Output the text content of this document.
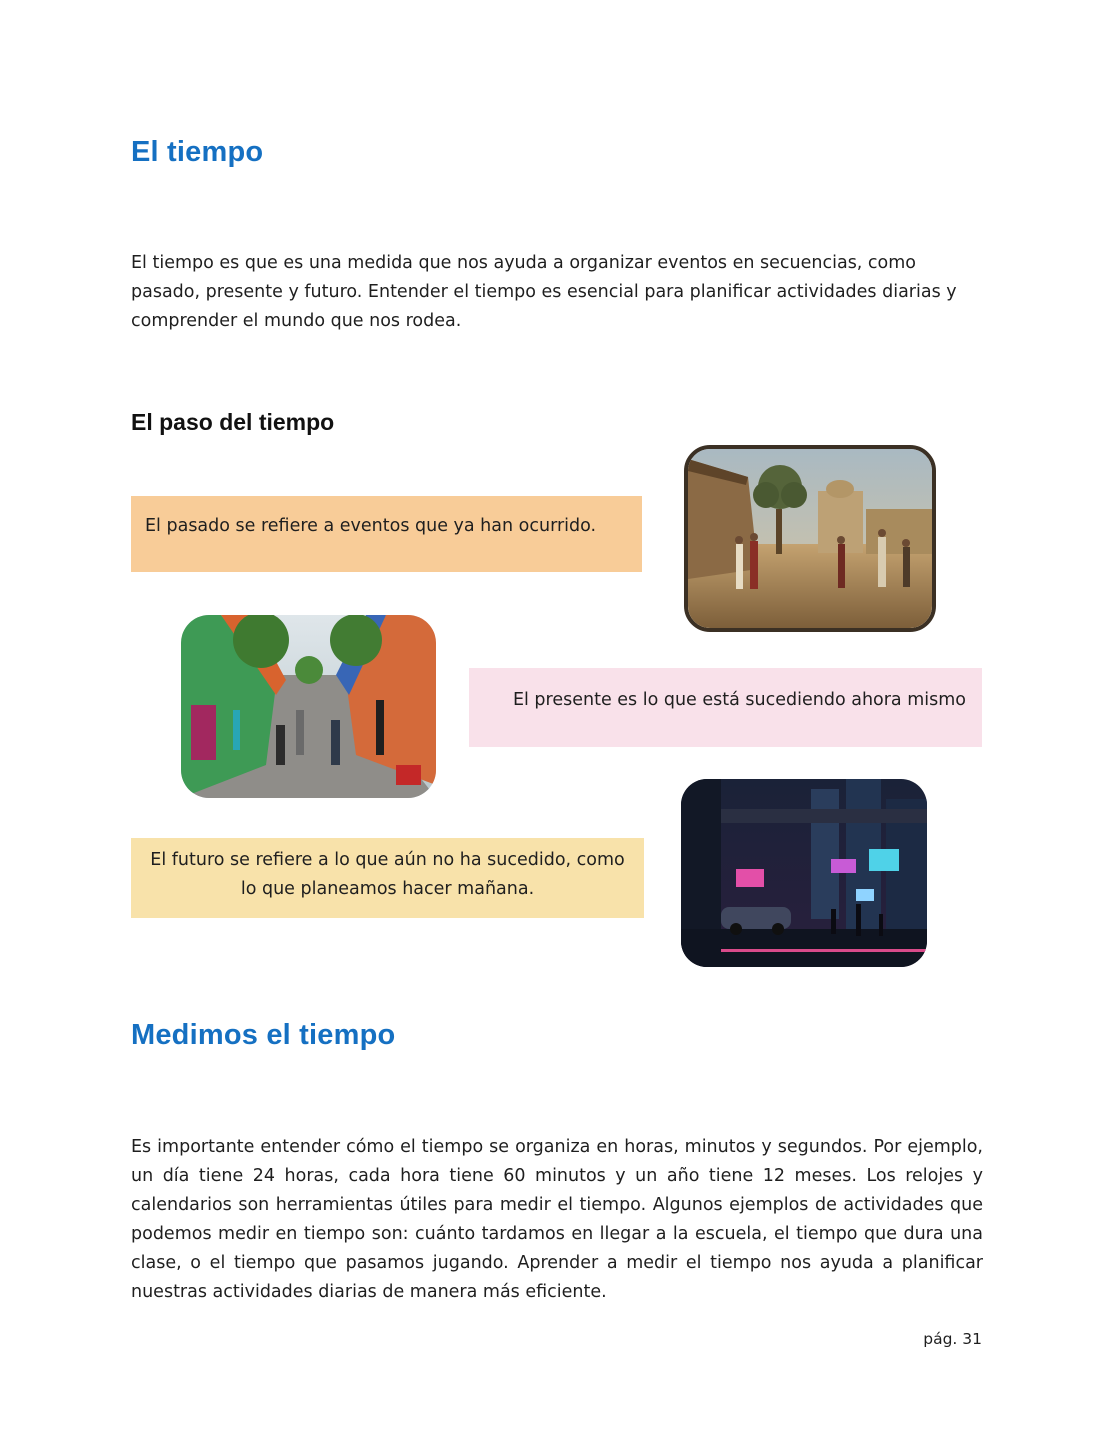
El tiempo

El tiempo es que es una medida que nos ayuda a organizar eventos en secuencias, como pasado, presente y futuro. Entender el tiempo es esencial para planificar actividades diarias y comprender el mundo que nos rodea.

El paso del tiempo
El pasado se refiere a eventos que ya han ocurrido.
El presente es lo que está sucediendo ahora mismo
El futuro se refiere a lo que aún no ha sucedido, como lo que planeamos hacer mañana.
Medimos el tiempo

Es importante entender cómo el tiempo se organiza en horas, minutos y segundos. Por ejemplo, un día tiene 24 horas, cada hora tiene 60 minutos y un año tiene 12 meses. Los relojes y calendarios son herramientas útiles para medir el tiempo. Algunos ejemplos de actividades que podemos medir en tiempo son: cuánto tardamos en llegar a la escuela, el tiempo que dura una clase, o el tiempo que pasamos jugando. Aprender a medir el tiempo nos ayuda a planificar nuestras actividades diarias de manera más eficiente.

pág. 31
